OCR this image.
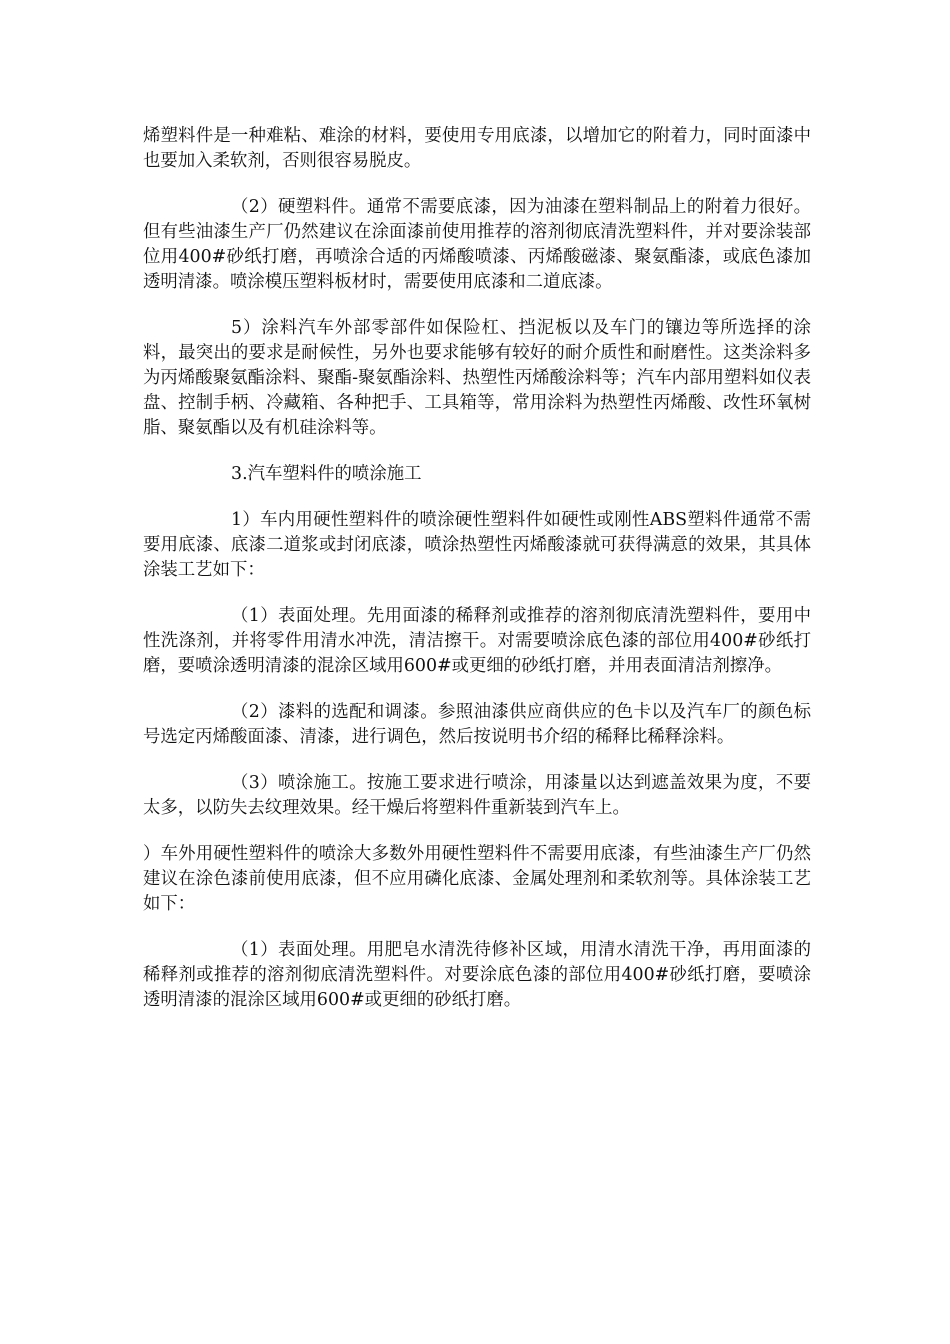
烯塑料件是一种难粘、难涂的材料，要使用专用底漆，以增加它的附着力，同时面漆中也要加入柔软剂，否则很容易脱皮。

（2）硬塑料件。通常不需要底漆，因为油漆在塑料制品上的附着力很好。但有些油漆生产厂仍然建议在涂面漆前使用推荐的溶剂彻底清洗塑料件，并对要涂装部位用400#砂纸打磨，再喷涂合适的丙烯酸喷漆、丙烯酸磁漆、聚氨酯漆，或底色漆加透明清漆。喷涂模压塑料板材时，需要使用底漆和二道底漆。

5）涂料汽车外部零部件如保险杠、挡泥板以及车门的镶边等所选择的涂料，最突出的要求是耐候性，另外也要求能够有较好的耐介质性和耐磨性。这类涂料多为丙烯酸聚氨酯涂料、聚酯-聚氨酯涂料、热塑性丙烯酸涂料等；汽车内部用塑料如仪表盘、控制手柄、冷藏箱、各种把手、工具箱等，常用涂料为热塑性丙烯酸、改性环氧树脂、聚氨酯以及有机硅涂料等。

3.汽车塑料件的喷涂施工

1）车内用硬性塑料件的喷涂硬性塑料件如硬性或刚性ABS塑料件通常不需要用底漆、底漆二道浆或封闭底漆，喷涂热塑性丙烯酸漆就可获得满意的效果，其具体涂装工艺如下：

（1）表面处理。先用面漆的稀释剂或推荐的溶剂彻底清洗塑料件，要用中性洗涤剂，并将零件用清水冲洗，清洁擦干。对需要喷涂底色漆的部位用400#砂纸打磨，要喷涂透明清漆的混涂区域用600#或更细的砂纸打磨，并用表面清洁剂擦净。

（2）漆料的选配和调漆。参照油漆供应商供应的色卡以及汽车厂的颜色标号选定丙烯酸面漆、清漆，进行调色，然后按说明书介绍的稀释比稀释涂料。

（3）喷涂施工。按施工要求进行喷涂，用漆量以达到遮盖效果为度，不要太多，以防失去纹理效果。经干燥后将塑料件重新装到汽车上。

）车外用硬性塑料件的喷涂大多数外用硬性塑料件不需要用底漆，有些油漆生产厂仍然建议在涂色漆前使用底漆，但不应用磷化底漆、金属处理剂和柔软剂等。具体涂装工艺如下：

（1）表面处理。用肥皂水清洗待修补区域，用清水清洗干净，再用面漆的稀释剂或推荐的溶剂彻底清洗塑料件。对要涂底色漆的部位用400#砂纸打磨，要喷涂透明清漆的混涂区域用600#或更细的砂纸打磨。
